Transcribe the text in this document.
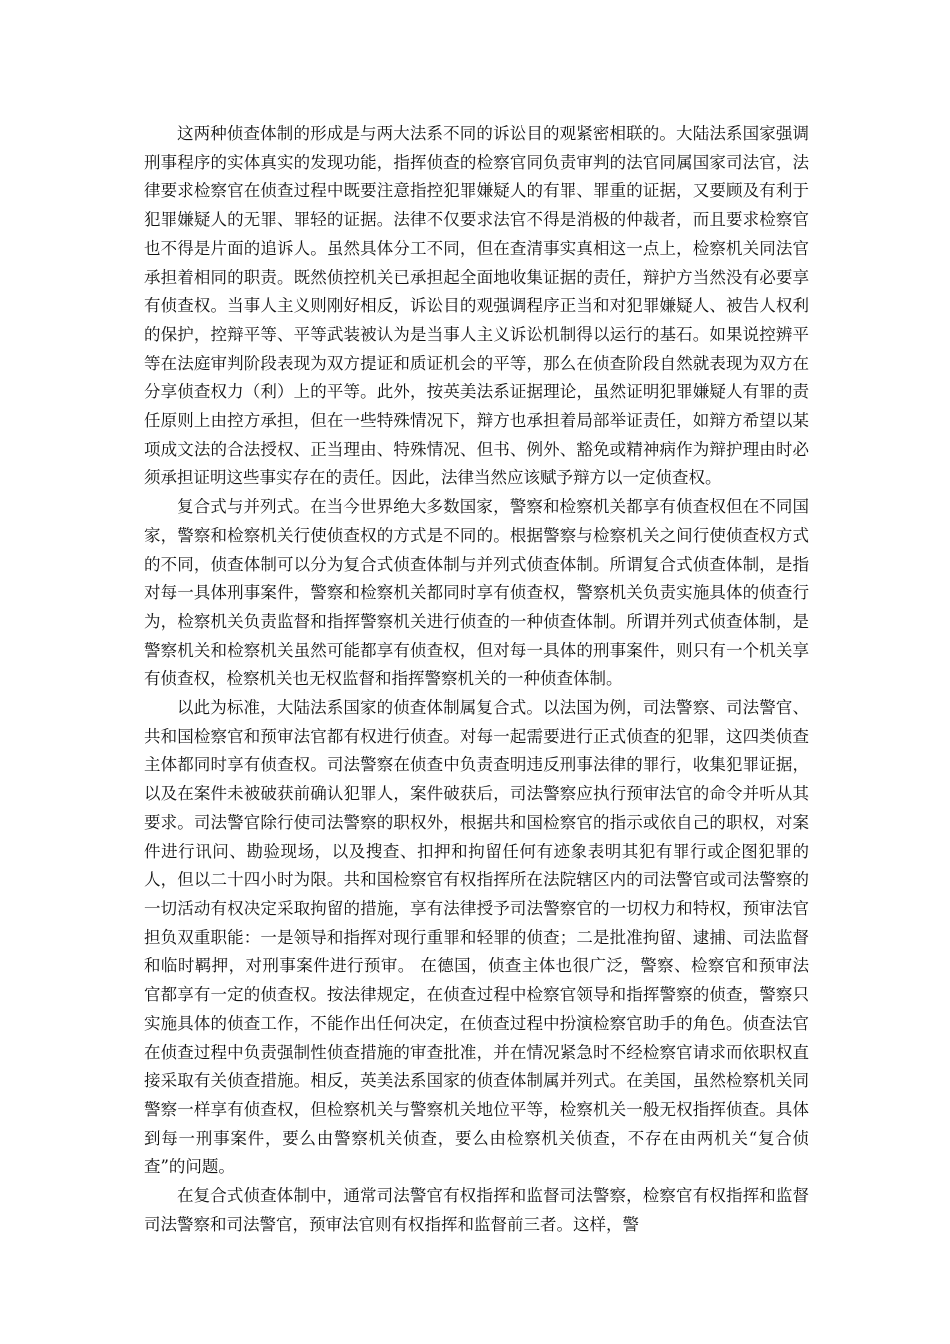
这两种侦查体制的形成是与两大法系不同的诉讼目的观紧密相联的。大陆法系国家强调刑事程序的实体真实的发现功能，指挥侦查的检察官同负责审判的法官同属国家司法官，法律要求检察官在侦查过程中既要注意指控犯罪嫌疑人的有罪、罪重的证据，又要顾及有利于犯罪嫌疑人的无罪、罪轻的证据。法律不仅要求法官不得是消极的仲裁者，而且要求检察官也不得是片面的追诉人。虽然具体分工不同，但在查清事实真相这一点上，检察机关同法官承担着相同的职责。既然侦控机关已承担起全面地收集证据的责任，辩护方当然没有必要享有侦查权。当事人主义则刚好相反，诉讼目的观强调程序正当和对犯罪嫌疑人、被告人权利的保护，控辩平等、平等武装被认为是当事人主义诉讼机制得以运行的基石。如果说控辨平等在法庭审判阶段表现为双方提证和质证机会的平等，那么在侦查阶段自然就表现为双方在分享侦查权力（利）上的平等。此外，按英美法系证据理论，虽然证明犯罪嫌疑人有罪的责任原则上由控方承担，但在一些特殊情况下，辩方也承担着局部举证责任，如辩方希望以某项成文法的合法授权、正当理由、特殊情况、但书、例外、豁免或精神病作为辩护理由时必须承担证明这些事实存在的责任。因此，法律当然应该赋予辩方以一定侦查权。

复合式与并列式。在当今世界绝大多数国家，警察和检察机关都享有侦查权但在不同国家，警察和检察机关行使侦查权的方式是不同的。根据警察与检察机关之间行使侦查权方式的不同，侦查体制可以分为复合式侦查体制与并列式侦查体制。所谓复合式侦查体制，是指对每一具体刑事案件，警察和检察机关都同时享有侦查权，警察机关负责实施具体的侦查行为，检察机关负责监督和指挥警察机关进行侦查的一种侦查体制。所谓并列式侦查体制，是警察机关和检察机关虽然可能都享有侦查权，但对每一具体的刑事案件，则只有一个机关享有侦查权，检察机关也无权监督和指挥警察机关的一种侦查体制。

以此为标准，大陆法系国家的侦查体制属复合式。以法国为例，司法警察、司法警官、共和国检察官和预审法官都有权进行侦查。对每一起需要进行正式侦查的犯罪，这四类侦查主体都同时享有侦查权。司法警察在侦查中负责查明违反刑事法律的罪行，收集犯罪证据，以及在案件未被破获前确认犯罪人，案件破获后，司法警察应执行预审法官的命令并听从其要求。司法警官除行使司法警察的职权外，根据共和国检察官的指示或依自己的职权，对案件进行讯问、勘验现场，以及搜查、扣押和拘留任何有迹象表明其犯有罪行或企图犯罪的人，但以二十四小时为限。共和国检察官有权指挥所在法院辖区内的司法警官或司法警察的一切活动有权决定采取拘留的措施，享有法律授予司法警察官的一切权力和特权，预审法官担负双重职能：一是领导和指挥对现行重罪和轻罪的侦查；二是批准拘留、逮捕、司法监督和临时羁押，对刑事案件进行预审。 在德国，侦查主体也很广泛，警察、检察官和预审法官都享有一定的侦查权。按法律规定，在侦查过程中检察官领导和指挥警察的侦查，警察只实施具体的侦查工作，不能作出任何决定，在侦查过程中扮演检察官助手的角色。侦查法官在侦查过程中负责强制性侦查措施的审查批准，并在情况紧急时不经检察官请求而依职权直接采取有关侦查措施。相反，英美法系国家的侦查体制属并列式。在美国，虽然检察机关同警察一样享有侦查权，但检察机关与警察机关地位平等，检察机关一般无权指挥侦查。具体到每一刑事案件，要么由警察机关侦查，要么由检察机关侦查，不存在由两机关“复合侦查”的问题。

在复合式侦查体制中，通常司法警官有权指挥和监督司法警察，检察官有权指挥和监督司法警察和司法警官，预审法官则有权指挥和监督前三者。这样，警
